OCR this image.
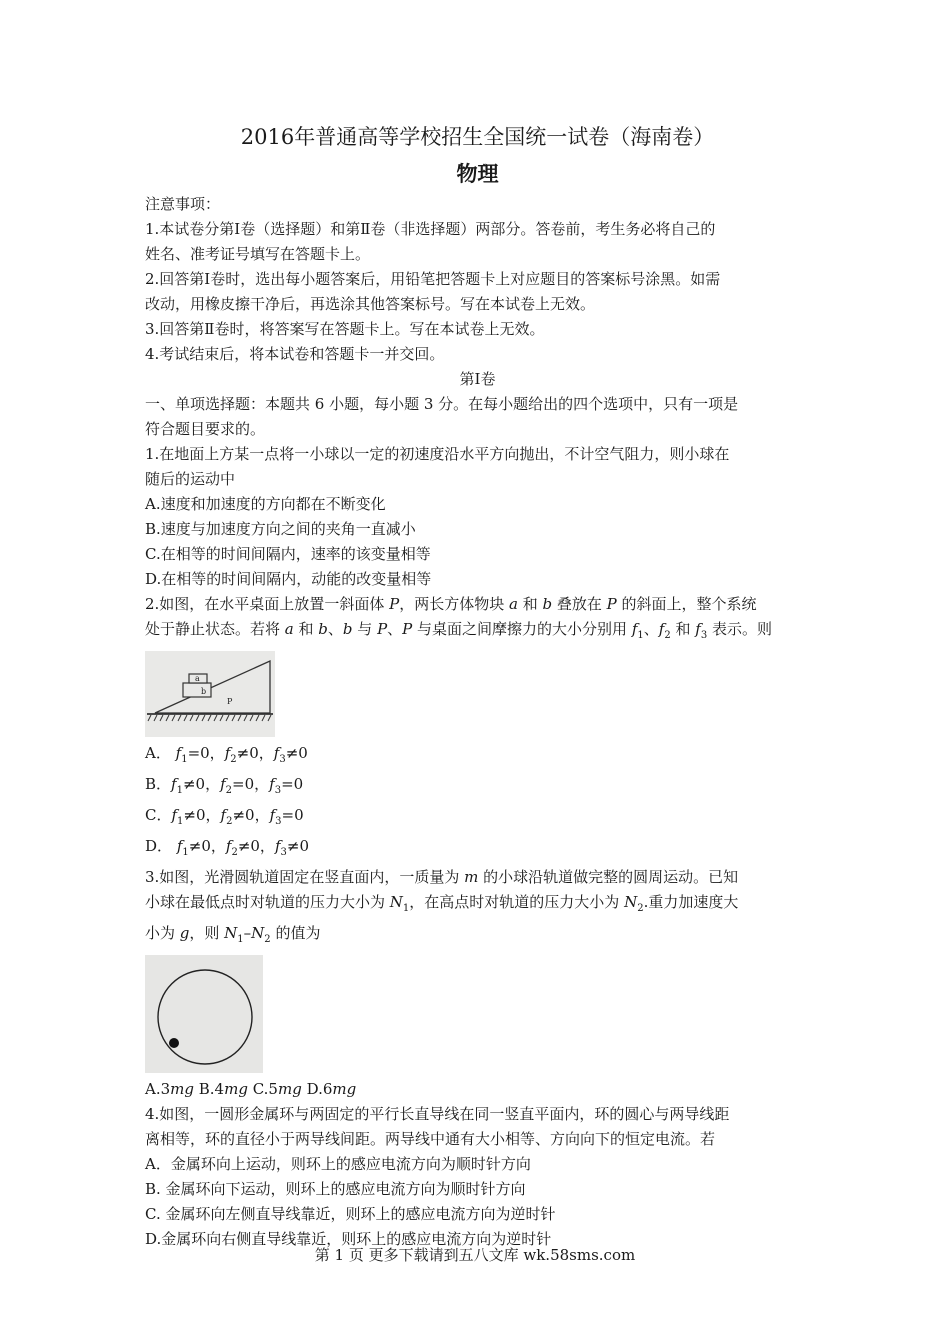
2016年普通高等学校招生全国统一试卷（海南卷）

物理

注意事项：

1.本试卷分第Ⅰ卷（选择题）和第Ⅱ卷（非选择题）两部分。答卷前，考生务必将自己的

姓名、准考证号填写在答题卡上。

2.回答第Ⅰ卷时，选出每小题答案后，用铅笔把答题卡上对应题目的答案标号涂黑。如需

改动，用橡皮擦干净后，再选涂其他答案标号。写在本试卷上无效。

3.回答第Ⅱ卷时，将答案写在答题卡上。写在本试卷上无效。

4.考试结束后，将本试卷和答题卡一并交回。

第Ⅰ卷

一、单项选择题：本题共 6 小题，每小题 3 分。在每小题给出的四个选项中，只有一项是

符合题目要求的。

1.在地面上方某一点将一小球以一定的初速度沿水平方向抛出，不计空气阻力，则小球在

随后的运动中

A.速度和加速度的方向都在不断变化

B.速度与加速度方向之间的夹角一直减小

C.在相等的时间间隔内，速率的该变量相等

D.在相等的时间间隔内，动能的改变量相等

2.如图，在水平桌面上放置一斜面体 P，两长方体物块 a 和 b 叠放在 P 的斜面上，整个系统

处于静止状态。若将 a 和 b、b 与 P、P 与桌面之间摩擦力的大小分别用 $f_1$、$f_2$ 和 $f_3$ 表示。则

a
b
P

A． $f_1=0$，$f_2\ne 0$，$f_3\ne 0$

B．$f_1\ne 0$，$f_2=0$，$f_3=0$

C．$f_1\ne 0$，$f_2\ne 0$，$f_3=0$

D． $f_1\ne 0$，$f_2\ne 0$，$f_3\ne 0$

3.如图，光滑圆轨道固定在竖直面内，一质量为 m 的小球沿轨道做完整的圆周运动。已知

小球在最低点时对轨道的压力大小为 $N_1$，在高点时对轨道的压力大小为 $N_2$.重力加速度大

小为 g，则 $N_1-N_2$ 的值为

A.3mg B.4mg C.5mg D.6mg

4.如图，一圆形金属环与两固定的平行长直导线在同一竖直平面内，环的圆心与两导线距

离相等，环的直径小于两导线间距。两导线中通有大小相等、方向向下的恒定电流。若

A．金属环向上运动，则环上的感应电流方向为顺时针方向

B. 金属环向下运动，则环上的感应电流方向为顺时针方向

C. 金属环向左侧直导线靠近，则环上的感应电流方向为逆时针

D.金属环向右侧直导线靠近，则环上的感应电流方向为逆时针

第 1 页 更多下载请到五八文库 wk.58sms.com
